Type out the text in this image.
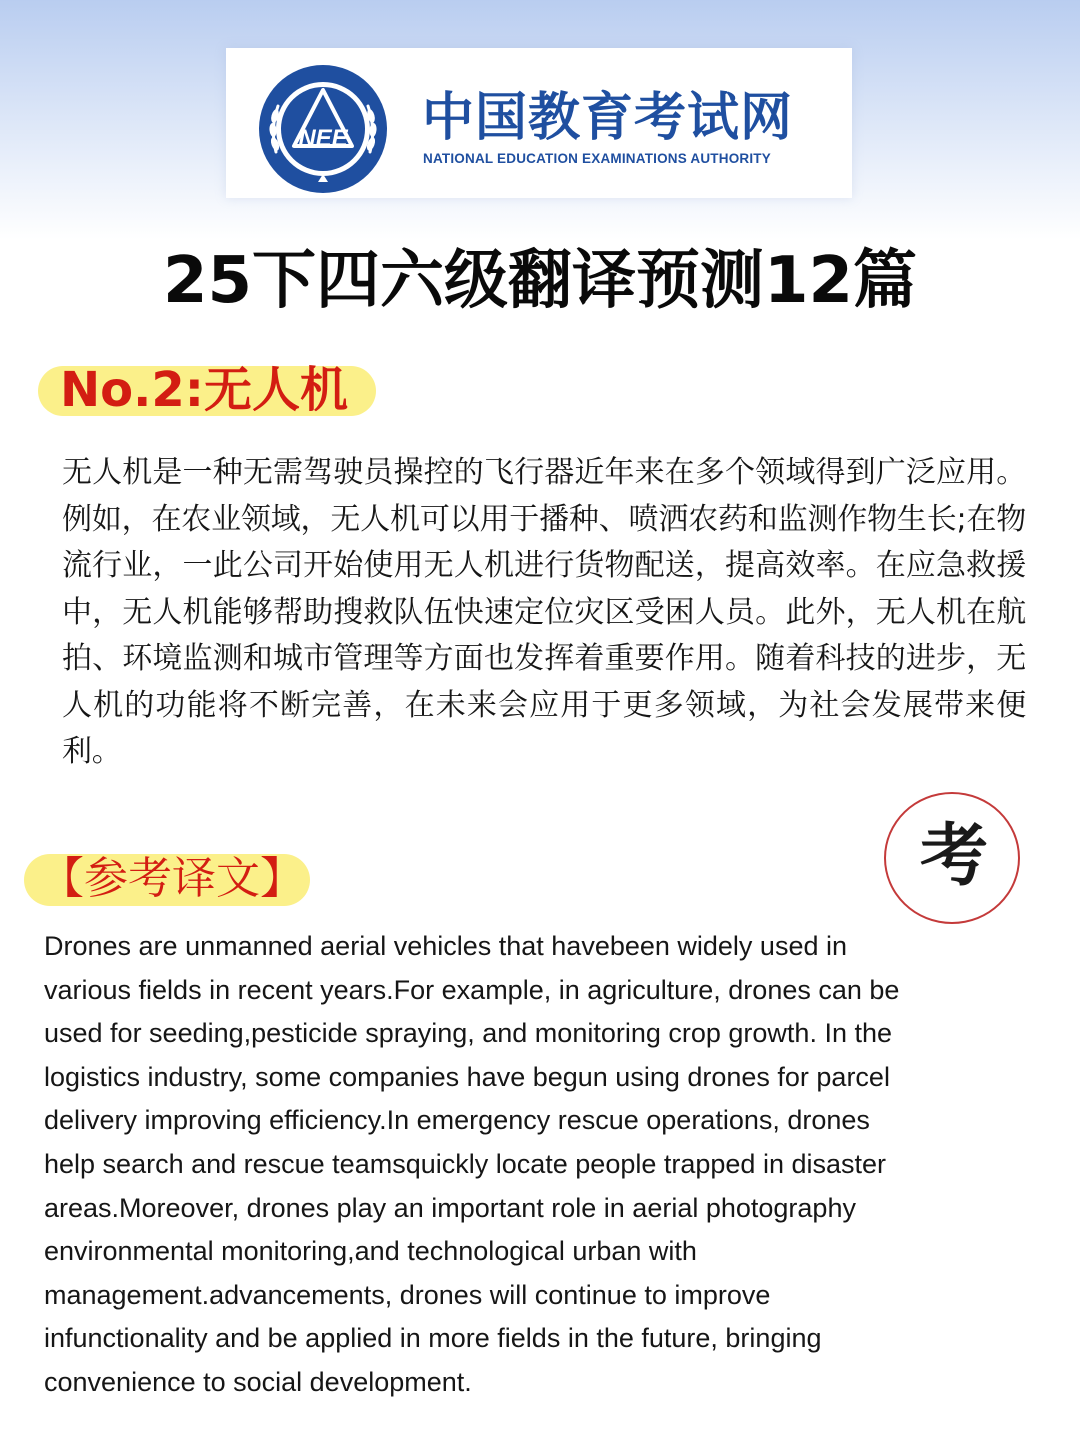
NEE 中国教育考试网
NATIONAL EDUCATION EXAMINATIONS AUTHORITY
25下四六级翻译预测12篇
No.2:无人机
无人机是一种无需驾驶员操控的飞行器近年来在多个领域得到广泛应用。例如，在农业领域，无人机可以用于播种、喷洒农药和监测作物生长;在物流行业，一此公司开始使用无人机进行货物配送，提高效率。在应急救援中，无人机能够帮助搜救队伍快速定位灾区受困人员。此外，无人机在航拍、环境监测和城市管理等方面也发挥着重要作用。随着科技的进步，无人机的功能将不断完善，在未来会应用于更多领域，为社会发展带来便利。
考
【参考译文】
Drones are unmanned aerial vehicles that havebeen widely used in
various fields in recent years.For example, in agriculture, drones can be
used for seeding,pesticide spraying, and monitoring crop growth. In the
logistics industry, some companies have begun using drones for parcel
delivery improving efficiency.In emergency rescue operations, drones
help search and rescue teamsquickly locate people trapped in disaster
areas.Moreover, drones play an important role in aerial photography
environmental monitoring,and technological urban with
management.advancements, drones will continue to improve
infunctionality and be applied in more fields in the future, bringing
convenience to social development.
